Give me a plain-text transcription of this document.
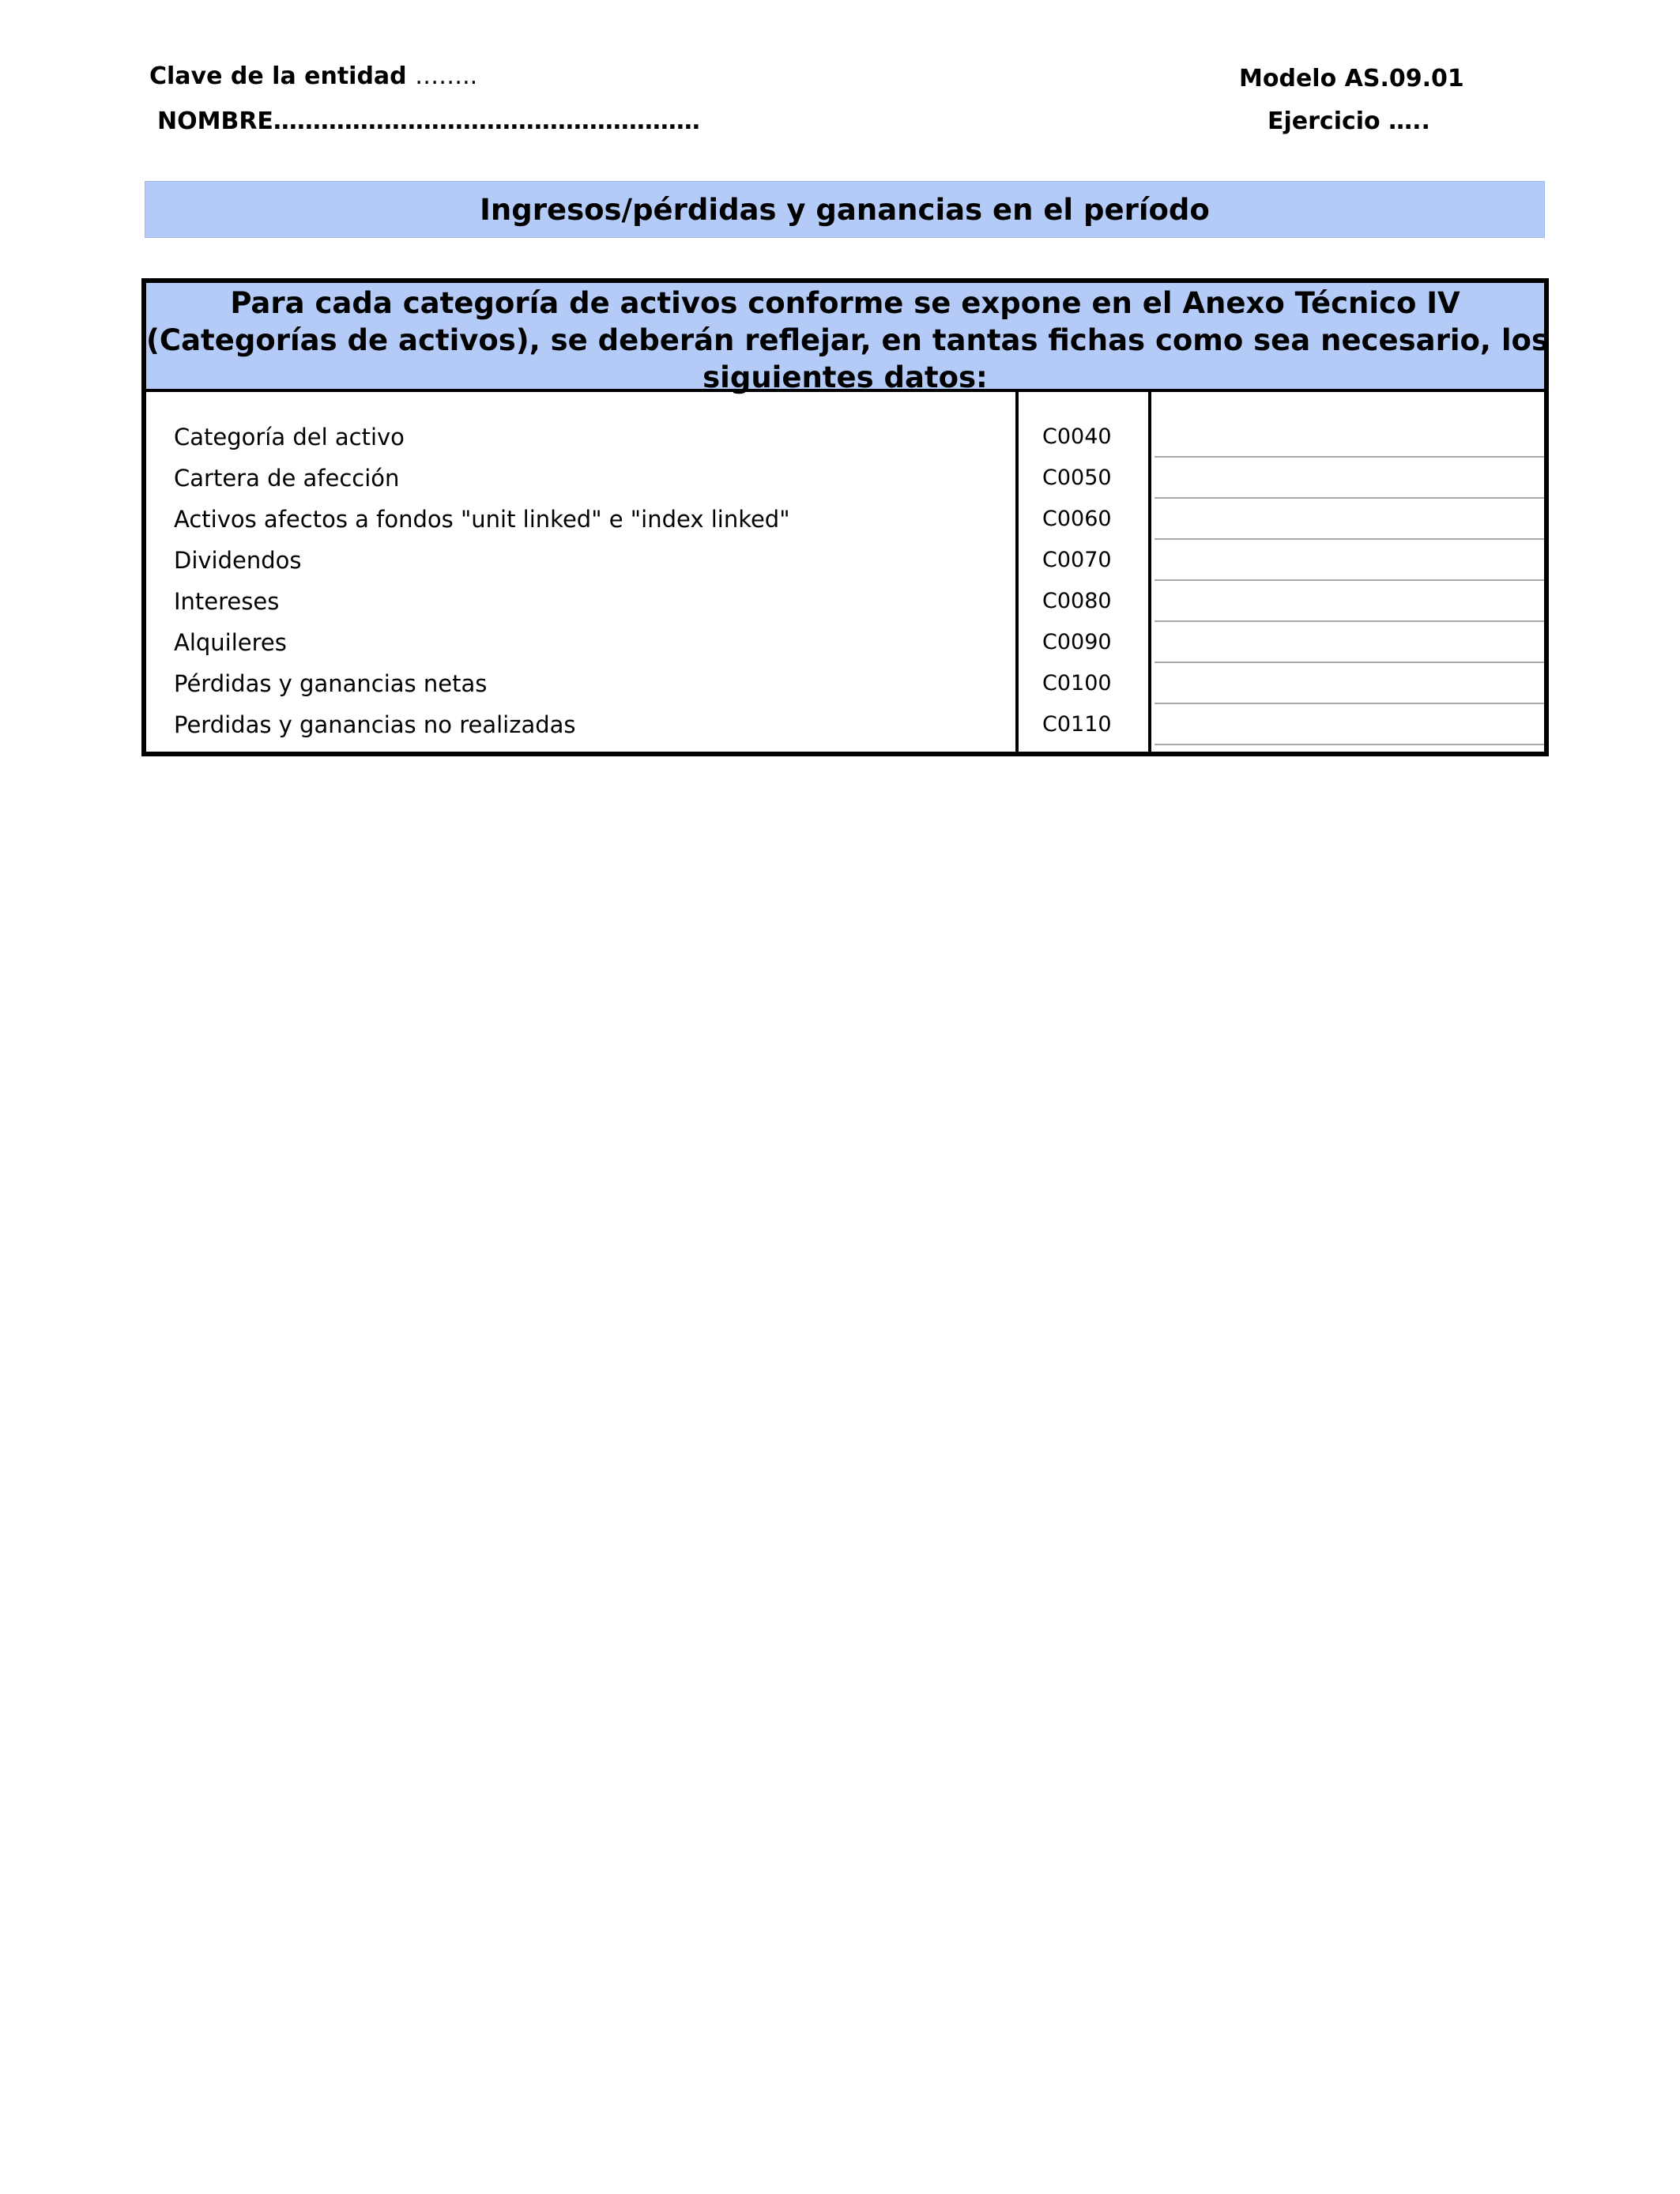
Clave de la entidad ……..
NOMBRE………………………………………………
Modelo AS.09.01
Ejercicio …..
Ingresos/pérdidas y ganancias en el período
Para cada categoría de activos conforme se expone en el Anexo Técnico IV
(Categorías de activos), se deberán reflejar, en tantas fichas como sea necesario, los
siguientes datos:
Categoría del activo	C0040
Cartera de afección	C0050
Activos afectos a fondos "unit linked" e "index linked"	C0060
Dividendos	C0070
Intereses	C0080
Alquileres	C0090
Pérdidas y ganancias netas	C0100
Perdidas y ganancias no realizadas	C0110
